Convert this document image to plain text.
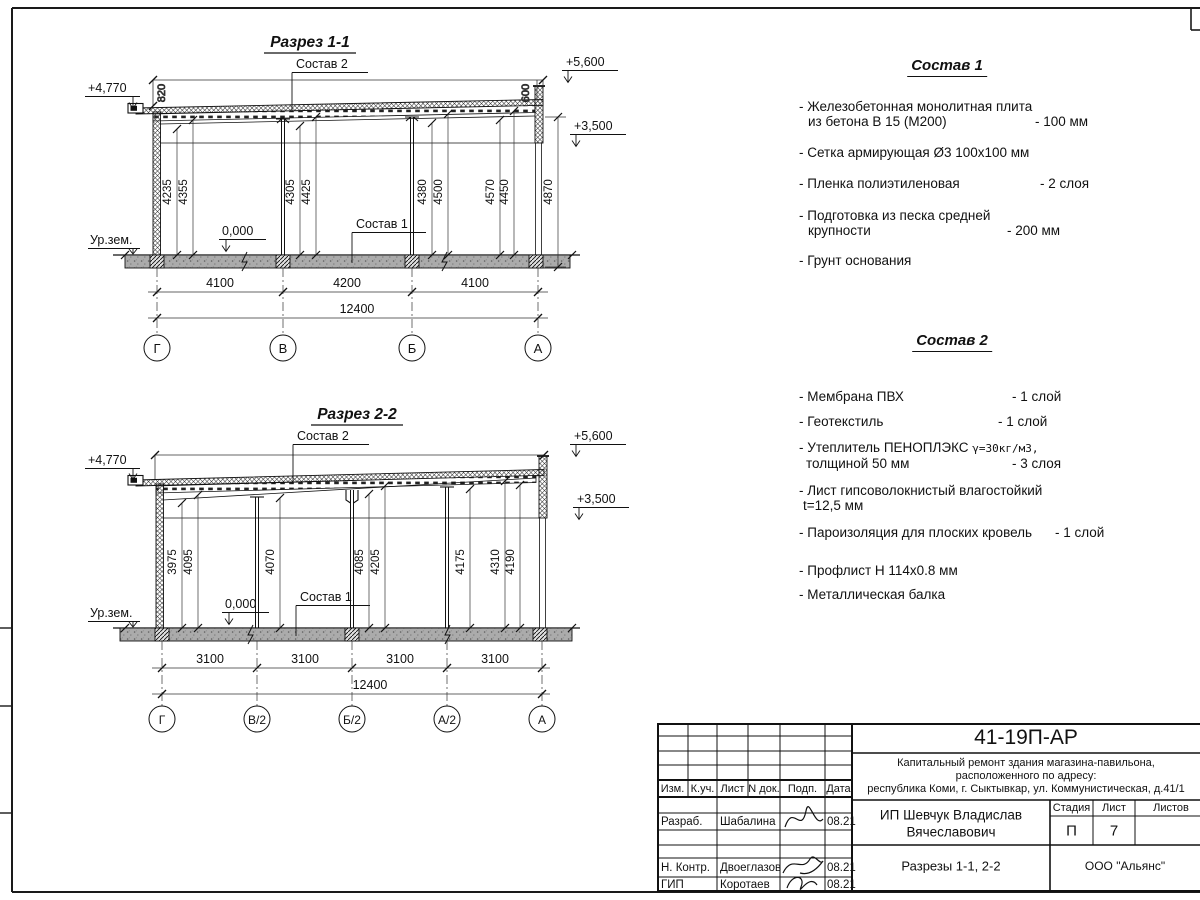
Разрез 1-1
820	600
Состав 2
Состав 1
+4,770
+5,600
+3,500
Ур.зем.
0,000
4235 4355	4305 4425	4380 4500	4570 4450	4870
4100	4200	4100
12400
Г	В	Б	А
Разрез 2-2
Состав 2
Состав 1
+4,770
+5,600
+3,500
Ур.зем.
0,000
3975 4095	4070	4085 4205	4175 4310 4190
3100	3100	3100	3100
12400
Г	В/2	Б/2	А/2	А
Состав 1
- Железобетонная монолитная плита
из бетона В 15 (М200)	- 100 мм
- Сетка армирующая Ø3 100x100 мм
- Пленка полиэтиленовая	- 2 слоя
- Подготовка из песка средней
крупности	- 200 мм
- Грунт основания
Состав 2
- Мембрана ПВХ	- 1 слой
- Геотекстиль	- 1 слой
- Утеплитель ПЕНОПЛЭКС γ=30кг/м3,
толщиной 50 мм	- 3 слоя
- Лист гипсоволокнистый влагостойкий
t=12,5 мм
- Пароизоляция для плоских кровель - 1 слой
- Профлист Н 114x0.8 мм
- Металлическая балка
Изм. К.уч. Лист N док. Подп. Дата
Разраб. Шабалина	08.21
Н. Контр. Двоеглазов	08.21
ГИП	Коротаев	08.21
41-19П-АР
Капитальный ремонт здания магазина-павильона,
расположенного по адресу:
республика Коми, г. Сыктывкар, ул. Коммунистическая, д.41/1
ИП Шевчук Владислав
Вячеславович
Стадия Лист Листов
П 7
Разрезы 1-1, 2-2	ООО "Альянс"
